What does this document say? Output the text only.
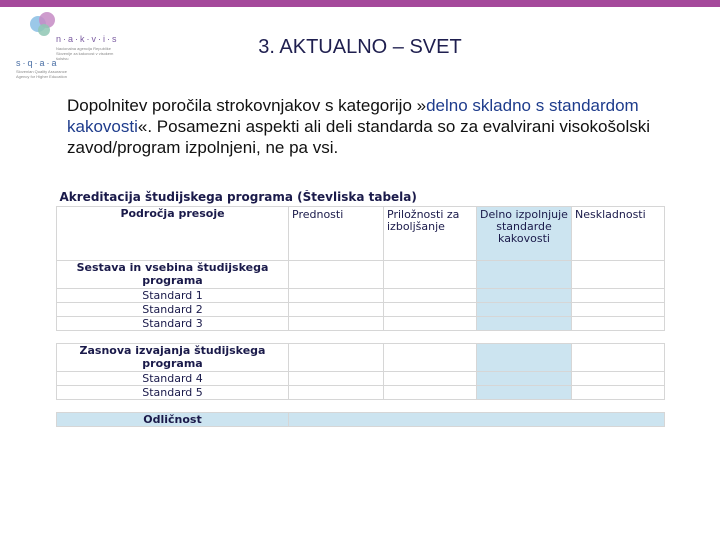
n·a·k·v·i·s
Nacionalna agencija Republike Slovenije za kakovost v visokem šolstvu
s·q·a·a
Slovenian Quality Assurance Agency for Higher Education
3. AKTUALNO – SVET
Dopolnitev poročila strokovnjakov s kategorijo »delno skladno s standardom kakovosti«. Posamezni aspekti ali deli standarda so za evalvirani visokošolski zavod/program izpolnjeni, ne pa vsi.
Akreditacija študijskega programa (Števliska tabela)				
Področja presoje	Prednosti	Priložnosti za izboljšanje	Delno izpolnjuje standarde kakovosti	Neskladnosti
Sestava in vsebina študijskega programa				
Standard 1				
Standard 2				
Standard 3				

Zasnova izvajanja študijskega programa				
Standard 4				
Standard 5				

Odličnost				
